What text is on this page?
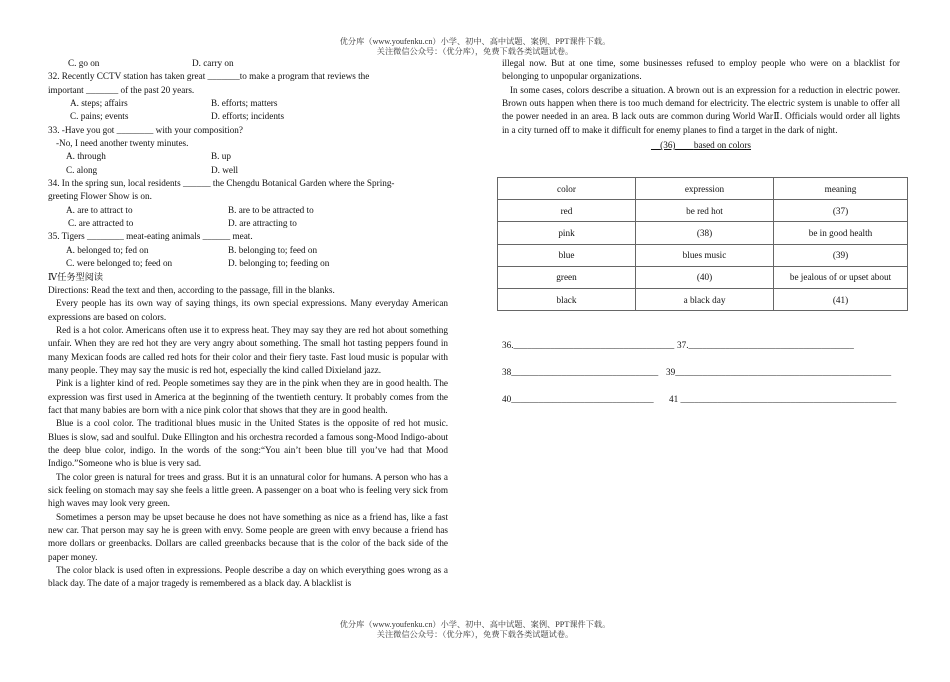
优分库（www.youfenku.cn）小学、初中、高中试题、案例、PPT课件下载。
关注微信公众号：（优分库），免费下载各类试题试卷。
C. go on	D. carry on
32. Recently CCTV station has taken great _______to make a program that reviews the
important _______ of the past 20 years.
A. steps; affairs	B. efforts; matters
C. pains; events	D. efforts; incidents
33. -Have you got ________ with your composition?
-No, I need another twenty minutes.
A. through	B. up
C. along	D. well
34. In the spring sun, local residents ______ the Chengdu Botanical Garden where the Spring-
greeting Flower Show is on.
A. are to attract to	B. are to be attracted to
C. are attracted to	D. are attracting to
35. Tigers ________ meat-eating animals ______ meat.
A. belonged to; fed on	B. belonging to; feed on
C. were belonged to; feed on	D. belonging to; feeding on
Ⅳ任务型阅读
Directions: Read the text and then, according to the passage, fill in the blanks.

Every people has its own way of saying things, its own special expressions. Many everyday American expressions are based on colors.

Red is a hot color. Americans often use it to express heat. They may say they are red hot about something unfair. When they are red hot they are very angry about something. The small hot tasting peppers found in many Mexican foods are called red hots for their color and their fiery taste. Fast loud music is popular with many people. They may say the music is red hot, especially the kind called Dixieland jazz.

Pink is a lighter kind of red. People sometimes say they are in the pink when they are in good health. The expression was first used in America at the beginning of the twentieth century. It probably comes from the fact that many babies are born with a nice pink color that shows that they are in good health.

Blue is a cool color. The traditional blues music in the United States is the opposite of red hot music. Blues is slow, sad and soulful. Duke Ellington and his orchestra recorded a famous song-Mood Indigo-about the deep blue color, indigo. In the words of the song:“You ain’t been blue till you’ve had that Mood Indigo.”Someone who is blue is very sad.

The color green is natural for trees and grass. But it is an unnatural color for humans. A person who has a sick feeling on stomach may say she feels a little green. A passenger on a boat who is feeling very sick from high waves may look very green.

Sometimes a person may be upset because he does not have something as nice as a friend has, like a fast new car. That person may say he is green with envy. Some people are green with envy because a friend has more dollars or greenbacks. Dollars are called greenbacks because that is the color of the back side of the paper money.

The color black is used often in expressions. People describe a day on which everything goes wrong as a black day. The date of a major tragedy is remembered as a black day. A blacklist is

illegal now. But at one time, some businesses refused to employ people who were on a blacklist for belonging to unpopular organizations.

In some cases, colors describe a situation. A brown out is an expression for a reduction in electric power. Brown outs happen when there is too much demand for electricity. The electric system is unable to offer all the power needed in an area. B lack outs are common during World WarⅡ. Officials would order all lights in a city turned off to make it difficult for enemy planes to find a target in the dark of night.

(36) based on colors
color	expression	meaning
red	be red hot	(37)
pink	(38)	be in good health
blue	blues music	(39)
green	(40)	be jealous of or upset about
black	a black day	(41)
36.___________________________________ 37.____________________________________
38________________________________ 39_______________________________________________
40_______________________________ 41 _______________________________________________
优分库（www.youfenku.cn）小学、初中、高中试题、案例、PPT课件下载。
关注微信公众号：（优分库），免费下载各类试题试卷。
